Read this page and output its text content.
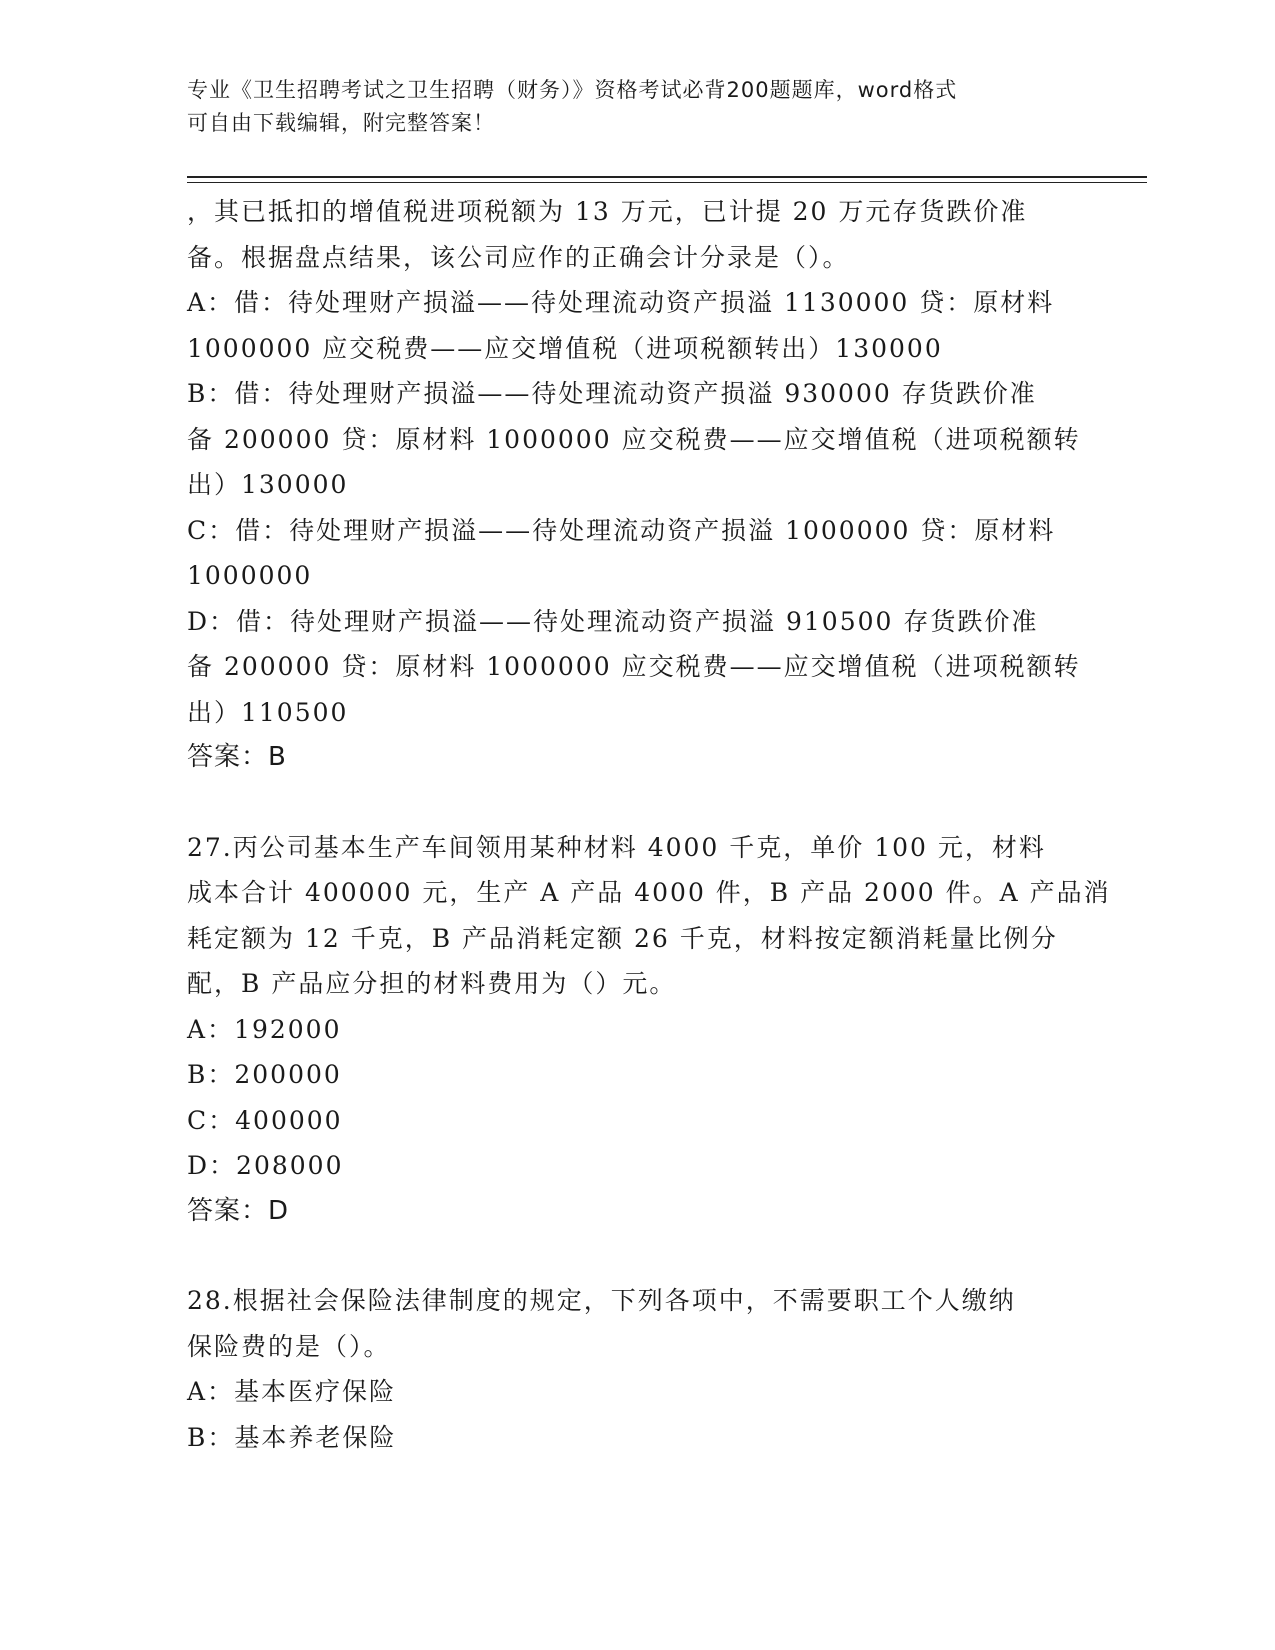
专业《卫生招聘考试之卫生招聘（财务）》资格考试必背200题题库，word格式
可自由下载编辑，附完整答案！
，其已抵扣的增值税进项税额为 13 万元，已计提 20 万元存货跌价准
备。根据盘点结果，该公司应作的正确会计分录是（）。
A：借：待处理财产损溢——待处理流动资产损溢 1130000 贷：原材料
1000000 应交税费——应交增值税（进项税额转出）130000
B：借：待处理财产损溢——待处理流动资产损溢 930000 存货跌价准
备 200000 贷：原材料 1000000 应交税费——应交增值税（进项税额转
出）130000
C：借：待处理财产损溢——待处理流动资产损溢 1000000 贷：原材料
1000000
D：借：待处理财产损溢——待处理流动资产损溢 910500 存货跌价准
备 200000 贷：原材料 1000000 应交税费——应交增值税（进项税额转
出）110500
答案：B
27.丙公司基本生产车间领用某种材料 4000 千克，单价 100 元，材料
成本合计 400000 元，生产 A 产品 4000 件，B 产品 2000 件。A 产品消
耗定额为 12 千克，B 产品消耗定额 26 千克，材料按定额消耗量比例分
配，B 产品应分担的材料费用为（）元。
A：192000
B：200000
C：400000
D：208000
答案：D
28.根据社会保险法律制度的规定，下列各项中，不需要职工个人缴纳
保险费的是（）。
A：基本医疗保险
B：基本养老保险
